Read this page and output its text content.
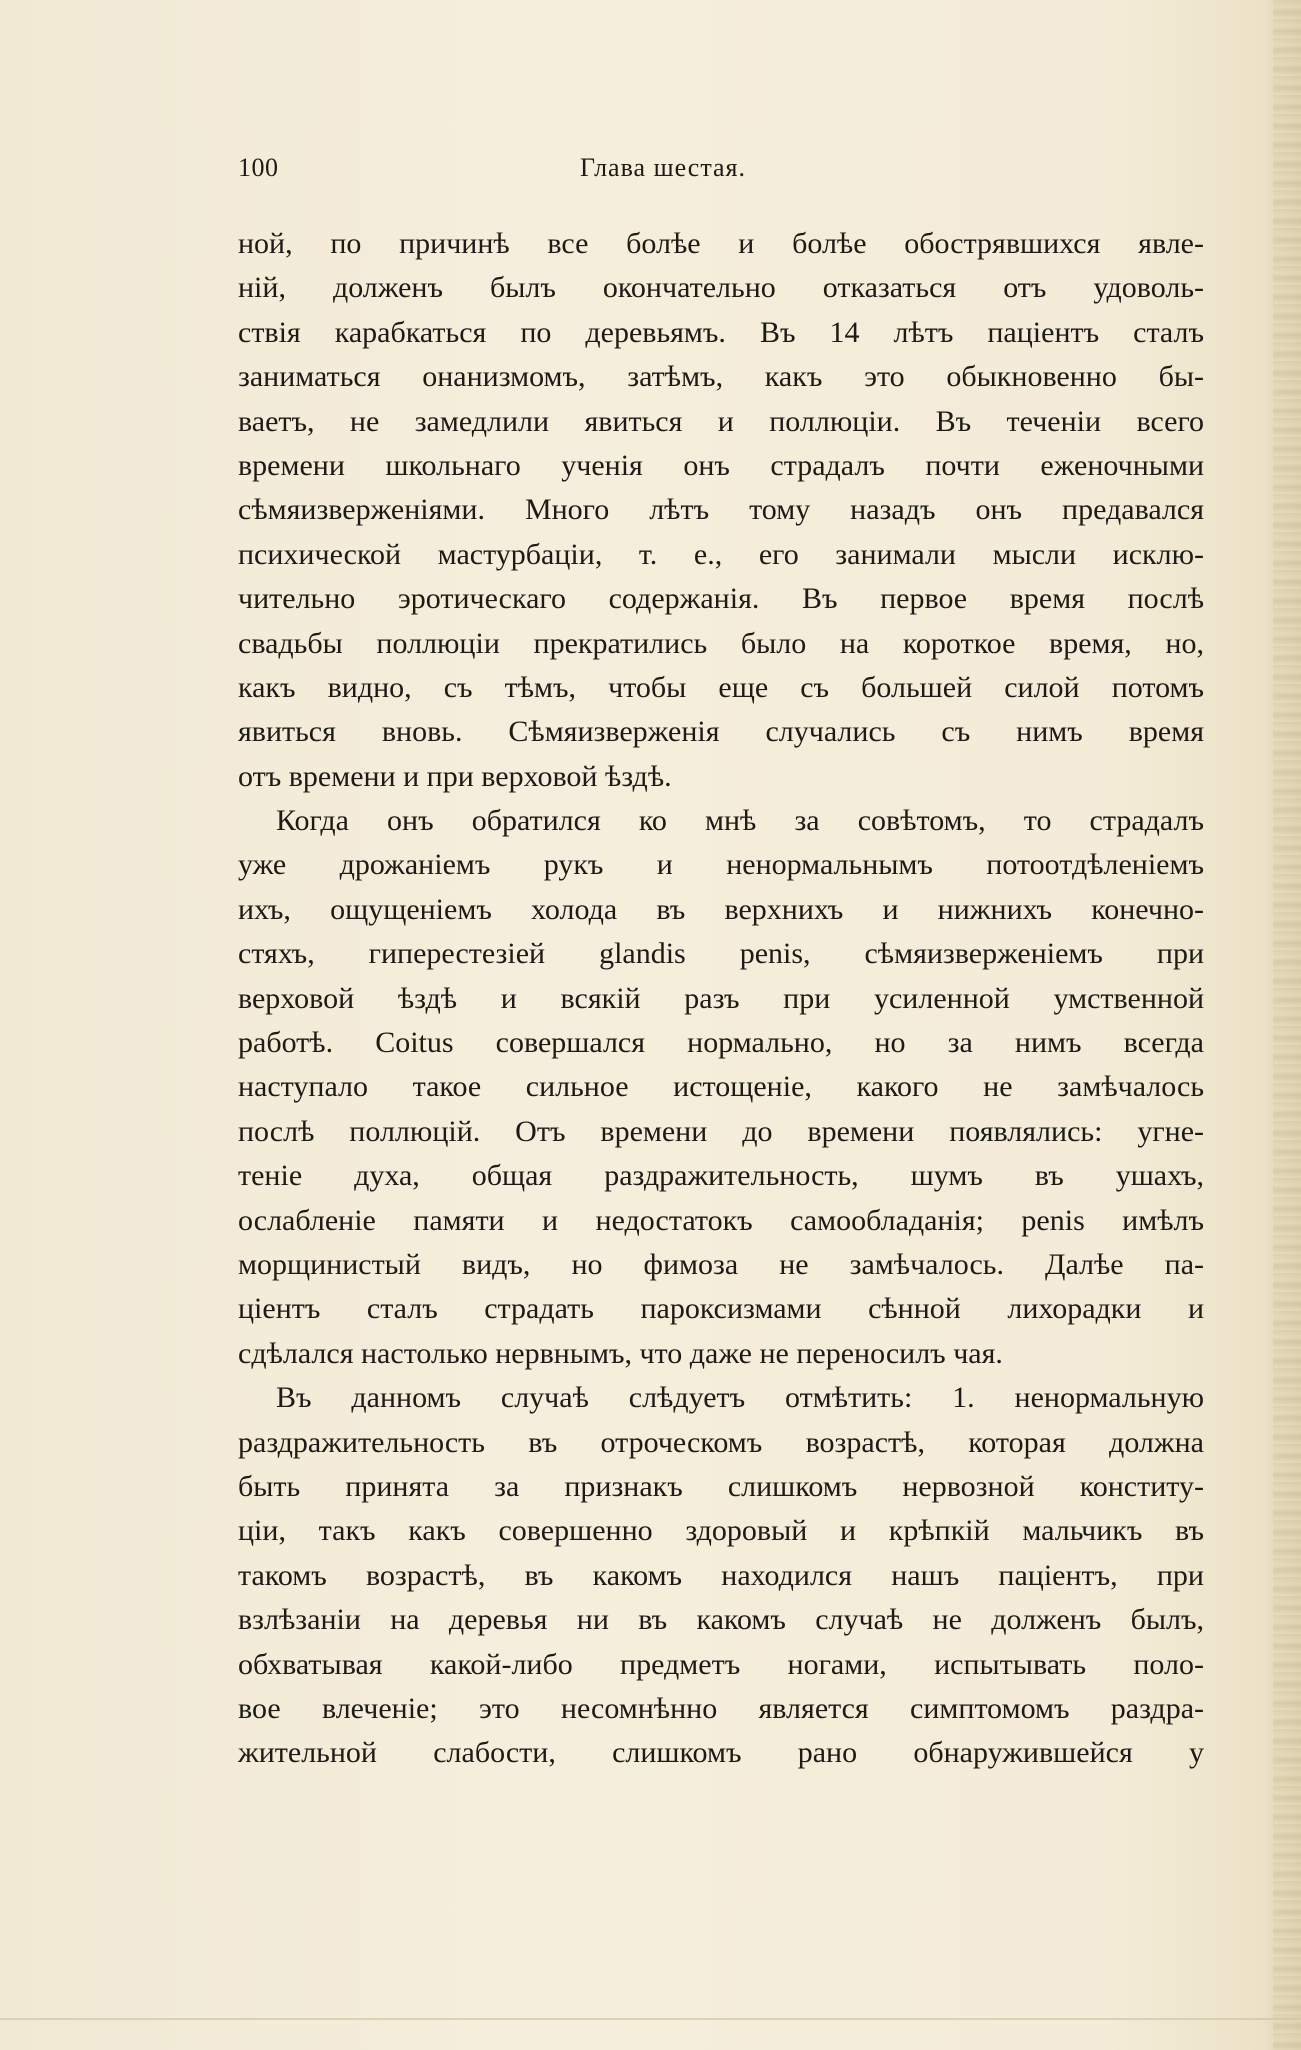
100	Глава шестая.
ной, по причинѣ все болѣе и болѣе обострявшихся явле-
нiй, долженъ былъ окончательно отказаться отъ удоволь-
ствiя карабкаться по деревьямъ. Въ 14 лѣтъ пацiентъ сталъ
заниматься онанизмомъ, затѣмъ, какъ это обыкновенно бы-
ваетъ, не замедлили явиться и поллюцiи. Въ теченiи всего
времени школьнаго ученiя онъ страдалъ почти еженочными
сѣмяизверженiями. Много лѣтъ тому назадъ онъ предавался
психической мастурбацiи, т. е., его занимали мысли исклю-
чительно эротическаго содержанiя. Въ первое время послѣ
свадьбы поллюцiи прекратились было на короткое время, но,
какъ видно, съ тѣмъ, чтобы еще съ большей силой потомъ
явиться вновь. Сѣмяизверженiя случались съ нимъ время
отъ времени и при верховой ѣздѣ.
Когда онъ обратился ко мнѣ за совѣтомъ, то страдалъ
уже дрожанiемъ рукъ и ненормальнымъ потоотдѣленiемъ
ихъ, ощущенiемъ холода въ верхнихъ и нижнихъ конечно-
стяхъ, гиперестезiей glandis penis, сѣмяизверженiемъ при
верховой ѣздѣ и всякiй разъ при усиленной умственной
работѣ. Coitus совершался нормально, но за нимъ всегда
наступало такое сильное истощенiе, какого не замѣчалось
послѣ поллюцiй. Отъ времени до времени появлялись: угне-
тенiе духа, общая раздражительность, шумъ въ ушахъ,
ослабленiе памяти и недостатокъ самообладанiя; penis имѣлъ
морщинистый видъ, но фимоза не замѣчалось. Далѣе па-
цiентъ сталъ страдать пароксизмами сѣнной лихорадки и
сдѣлался настолько нервнымъ, что даже не переносилъ чая.
Въ данномъ случаѣ слѣдуетъ отмѣтить: 1. ненормальную
раздражительность въ отроческомъ возрастѣ, которая должна
быть принята за признакъ слишкомъ нервозной конститу-
цiи, такъ какъ совершенно здоровый и крѣпкiй мальчикъ въ
такомъ возрастѣ, въ какомъ находился нашъ пацiентъ, при
взлѣзанiи на деревья ни въ какомъ случаѣ не долженъ былъ,
обхватывая какой-либо предметъ ногами, испытывать поло-
вое влеченiе; это несомнѣнно является симптомомъ раздра-
жительной слабости, слишкомъ рано обнаружившейся у
